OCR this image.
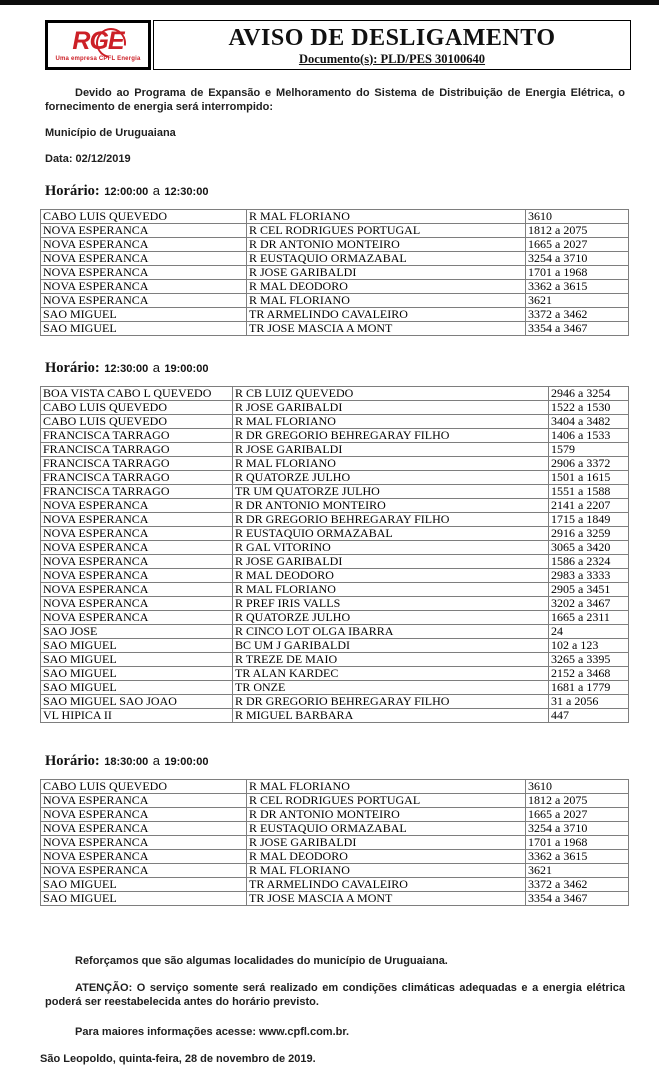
RGE
Uma empresa CPFL Energia
AVISO DE DESLIGAMENTO
Documento(s): PLD/PES 30100640

Devido ao Programa de Expansão e Melhoramento do Sistema de Distribuição de Energia Elétrica, o fornecimento de energia será interrompido:

Município de Uruguaiana
Data: 02/12/2019
Horário: 12:00:00 a 12:30:00
CABO LUIS QUEVEDO	R MAL FLORIANO	3610
NOVA ESPERANCA	R CEL RODRIGUES PORTUGAL	1812 a 2075
NOVA ESPERANCA	R DR ANTONIO MONTEIRO	1665 a 2027
NOVA ESPERANCA	R EUSTAQUIO ORMAZABAL	3254 a 3710
NOVA ESPERANCA	R JOSE GARIBALDI	1701 a 1968
NOVA ESPERANCA	R MAL DEODORO	3362 a 3615
NOVA ESPERANCA	R MAL FLORIANO	3621
SAO MIGUEL	TR ARMELINDO CAVALEIRO	3372 a 3462
SAO MIGUEL	TR JOSE MASCIA A MONT	3354 a 3467
Horário: 12:30:00 a 19:00:00
BOA VISTA CABO L QUEVEDO	R CB LUIZ QUEVEDO	2946 a 3254
CABO LUIS QUEVEDO	R JOSE GARIBALDI	1522 a 1530
CABO LUIS QUEVEDO	R MAL FLORIANO	3404 a 3482
FRANCISCA TARRAGO	R DR GREGORIO BEHREGARAY FILHO	1406 a 1533
FRANCISCA TARRAGO	R JOSE GARIBALDI	1579
FRANCISCA TARRAGO	R MAL FLORIANO	2906 a 3372
FRANCISCA TARRAGO	R QUATORZE JULHO	1501 a 1615
FRANCISCA TARRAGO	TR UM QUATORZE JULHO	1551 a 1588
NOVA ESPERANCA	R DR ANTONIO MONTEIRO	2141 a 2207
NOVA ESPERANCA	R DR GREGORIO BEHREGARAY FILHO	1715 a 1849
NOVA ESPERANCA	R EUSTAQUIO ORMAZABAL	2916 a 3259
NOVA ESPERANCA	R GAL VITORINO	3065 a 3420
NOVA ESPERANCA	R JOSE GARIBALDI	1586 a 2324
NOVA ESPERANCA	R MAL DEODORO	2983 a 3333
NOVA ESPERANCA	R MAL FLORIANO	2905 a 3451
NOVA ESPERANCA	R PREF IRIS VALLS	3202 a 3467
NOVA ESPERANCA	R QUATORZE JULHO	1665 a 2311
SAO JOSE	R CINCO LOT OLGA IBARRA	24
SAO MIGUEL	BC UM J GARIBALDI	102 a 123
SAO MIGUEL	R TREZE DE MAIO	3265 a 3395
SAO MIGUEL	TR ALAN KARDEC	2152 a 3468
SAO MIGUEL	TR ONZE	1681 a 1779
SAO MIGUEL SAO JOAO	R DR GREGORIO BEHREGARAY FILHO	31 a 2056
VL HIPICA II	R MIGUEL BARBARA	447
Horário: 18:30:00 a 19:00:00
CABO LUIS QUEVEDO	R MAL FLORIANO	3610
NOVA ESPERANCA	R CEL RODRIGUES PORTUGAL	1812 a 2075
NOVA ESPERANCA	R DR ANTONIO MONTEIRO	1665 a 2027
NOVA ESPERANCA	R EUSTAQUIO ORMAZABAL	3254 a 3710
NOVA ESPERANCA	R JOSE GARIBALDI	1701 a 1968
NOVA ESPERANCA	R MAL DEODORO	3362 a 3615
NOVA ESPERANCA	R MAL FLORIANO	3621
SAO MIGUEL	TR ARMELINDO CAVALEIRO	3372 a 3462
SAO MIGUEL	TR JOSE MASCIA A MONT	3354 a 3467

Reforçamos que são algumas localidades do município de Uruguaiana.

ATENÇÃO: O serviço somente será realizado em condições climáticas adequadas e a energia elétrica poderá ser reestabelecida antes do horário previsto.

Para maiores informações acesse: www.cpfl.com.br.

São Leopoldo, quinta-feira, 28 de novembro de 2019.
